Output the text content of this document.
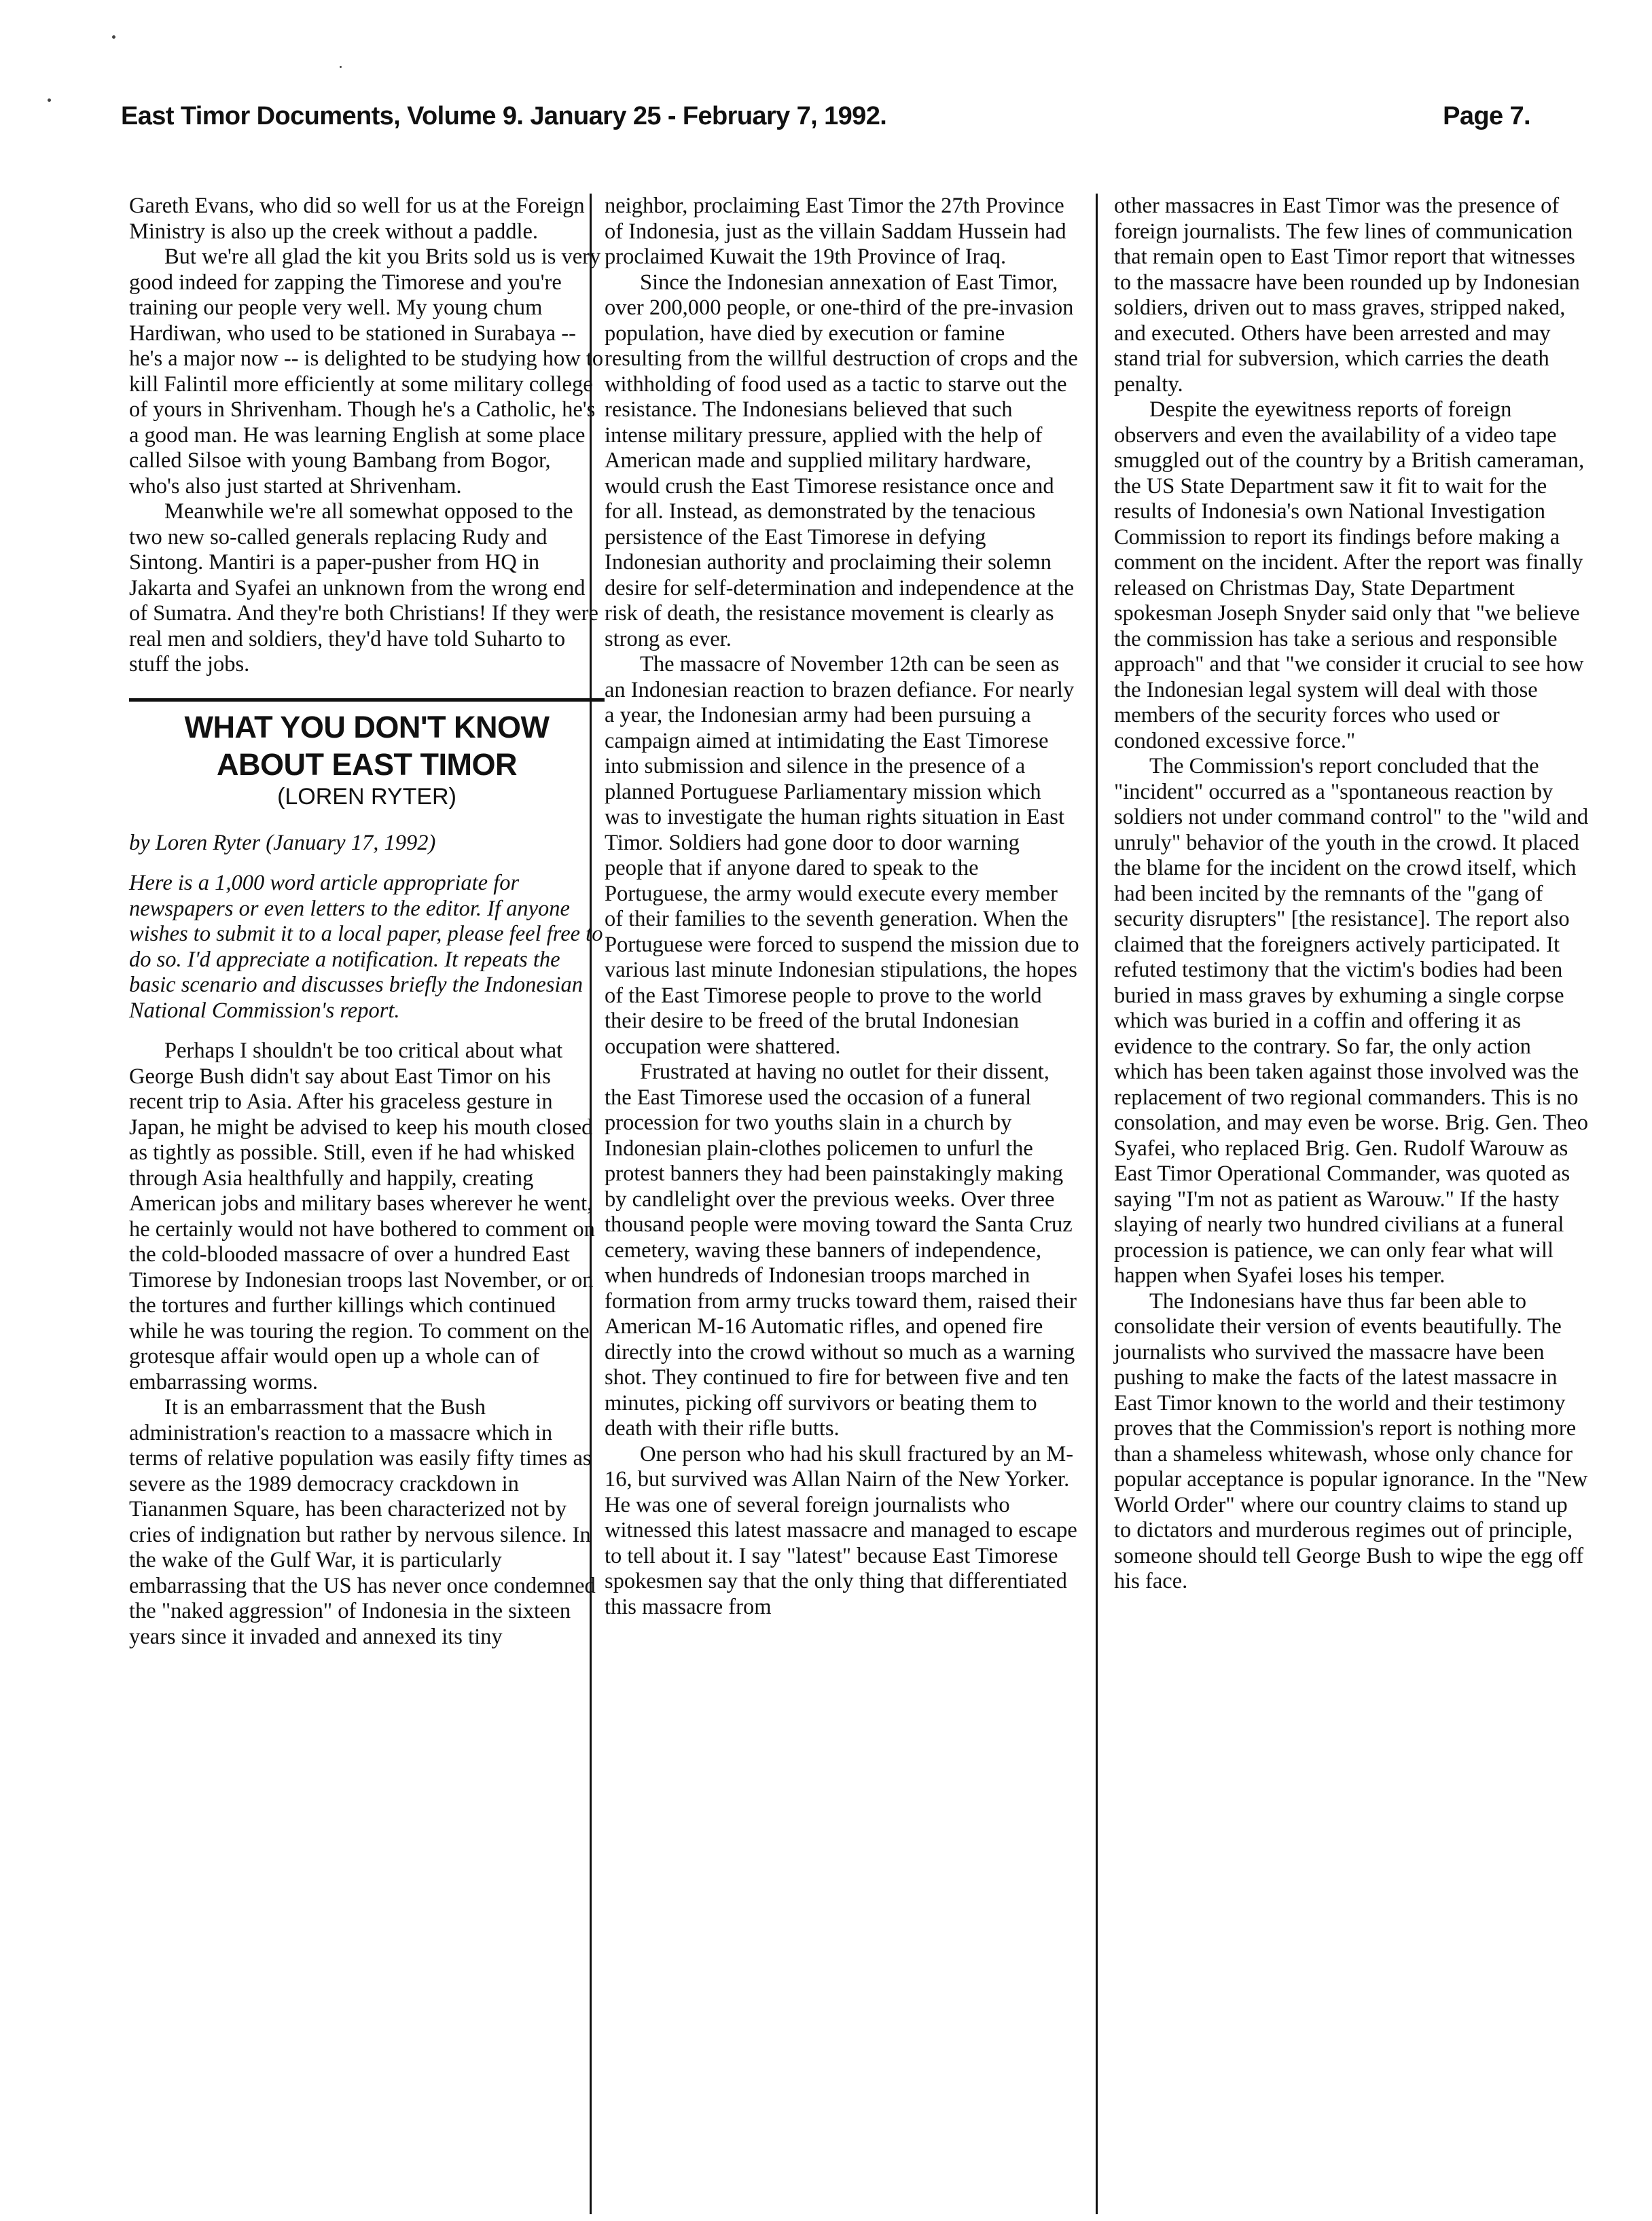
East Timor Documents, Volume 9. January 25 - February 7, 1992.	Page 7.

Gareth Evans, who did so well for us at the Foreign Ministry is also up the creek without a paddle.

But we're all glad the kit you Brits sold us is very good indeed for zapping the Timorese and you're training our people very well. My young chum Hardiwan, who used to be stationed in Surabaya -- he's a major now -- is delighted to be studying how to kill Falintil more efficiently at some military college of yours in Shrivenham. Though he's a Catholic, he's a good man. He was learning English at some place called Silsoe with young Bambang from Bogor, who's also just started at Shrivenham.

Meanwhile we're all somewhat opposed to the two new so-called generals replacing Rudy and Sintong. Mantiri is a paper-pusher from HQ in Jakarta and Syafei an unknown from the wrong end of Sumatra. And they're both Christians! If they were real men and soldiers, they'd have told Suharto to stuff the jobs.

WHAT YOU DON'T KNOW ABOUT EAST TIMOR
(LOREN RYTER)

by Loren Ryter (January 17, 1992)

Here is a 1,000 word article appropriate for newspapers or even letters to the editor. If anyone wishes to submit it to a local paper, please feel free to do so. I'd appreciate a notification. It repeats the basic scenario and discusses briefly the Indonesian National Commission's report.

Perhaps I shouldn't be too critical about what George Bush didn't say about East Timor on his recent trip to Asia. After his graceless gesture in Japan, he might be advised to keep his mouth closed as tightly as possible. Still, even if he had whisked through Asia healthfully and happily, creating American jobs and military bases wherever he went, he certainly would not have bothered to comment on the cold-blooded massacre of over a hundred East Timorese by Indonesian troops last November, or on the tortures and further killings which continued while he was touring the region. To comment on the grotesque affair would open up a whole can of embarrassing worms.

It is an embarrassment that the Bush administration's reaction to a massacre which in terms of relative population was easily fifty times as severe as the 1989 democracy crackdown in Tiananmen Square, has been characterized not by cries of indignation but rather by nervous silence. In the wake of the Gulf War, it is particularly embarrassing that the US has never once condemned the "naked aggression" of Indonesia in the sixteen years since it invaded and annexed its tiny

neighbor, proclaiming East Timor the 27th Province of Indonesia, just as the villain Saddam Hussein had proclaimed Kuwait the 19th Province of Iraq.

Since the Indonesian annexation of East Timor, over 200,000 people, or one-third of the pre-invasion population, have died by execution or famine resulting from the willful destruction of crops and the withholding of food used as a tactic to starve out the resistance. The Indonesians believed that such intense military pressure, applied with the help of American made and supplied military hardware, would crush the East Timorese resistance once and for all. Instead, as demonstrated by the tenacious persistence of the East Timorese in defying Indonesian authority and proclaiming their solemn desire for self-determination and independence at the risk of death, the resistance movement is clearly as strong as ever.

The massacre of November 12th can be seen as an Indonesian reaction to brazen defiance. For nearly a year, the Indonesian army had been pursuing a campaign aimed at intimidating the East Timorese into submission and silence in the presence of a planned Portuguese Parliamentary mission which was to investigate the human rights situation in East Timor. Soldiers had gone door to door warning people that if anyone dared to speak to the Portuguese, the army would execute every member of their families to the seventh generation. When the Portuguese were forced to suspend the mission due to various last minute Indonesian stipulations, the hopes of the East Timorese people to prove to the world their desire to be freed of the brutal Indonesian occupation were shattered.

Frustrated at having no outlet for their dissent, the East Timorese used the occasion of a funeral procession for two youths slain in a church by Indonesian plain-clothes policemen to unfurl the protest banners they had been painstakingly making by candlelight over the previous weeks. Over three thousand people were moving toward the Santa Cruz cemetery, waving these banners of independence, when hundreds of Indonesian troops marched in formation from army trucks toward them, raised their American M-16 Automatic rifles, and opened fire directly into the crowd without so much as a warning shot. They continued to fire for between five and ten minutes, picking off survivors or beating them to death with their rifle butts.

One person who had his skull fractured by an M-16, but survived was Allan Nairn of the New Yorker. He was one of several foreign journalists who witnessed this latest massacre and managed to escape to tell about it. I say "latest" because East Timorese spokesmen say that the only thing that differentiated this massacre from

other massacres in East Timor was the presence of foreign journalists. The few lines of communication that remain open to East Timor report that witnesses to the massacre have been rounded up by Indonesian soldiers, driven out to mass graves, stripped naked, and executed. Others have been arrested and may stand trial for subversion, which carries the death penalty.

Despite the eyewitness reports of foreign observers and even the availability of a video tape smuggled out of the country by a British cameraman, the US State Department saw it fit to wait for the results of Indonesia's own National Investigation Commission to report its findings before making a comment on the incident. After the report was finally released on Christmas Day, State Department spokesman Joseph Snyder said only that "we believe the commission has take a serious and responsible approach" and that "we consider it crucial to see how the Indonesian legal system will deal with those members of the security forces who used or condoned excessive force."

The Commission's report concluded that the "incident" occurred as a "spontaneous reaction by soldiers not under command control" to the "wild and unruly" behavior of the youth in the crowd. It placed the blame for the incident on the crowd itself, which had been incited by the remnants of the "gang of security disrupters" [the resistance]. The report also claimed that the foreigners actively participated. It refuted testimony that the victim's bodies had been buried in mass graves by exhuming a single corpse which was buried in a coffin and offering it as evidence to the contrary. So far, the only action which has been taken against those involved was the replacement of two regional commanders. This is no consolation, and may even be worse. Brig. Gen. Theo Syafei, who replaced Brig. Gen. Rudolf Warouw as East Timor Operational Commander, was quoted as saying "I'm not as patient as Warouw." If the hasty slaying of nearly two hundred civilians at a funeral procession is patience, we can only fear what will happen when Syafei loses his temper.

The Indonesians have thus far been able to consolidate their version of events beautifully. The journalists who survived the massacre have been pushing to make the facts of the latest massacre in East Timor known to the world and their testimony proves that the Commission's report is nothing more than a shameless whitewash, whose only chance for popular acceptance is popular ignorance. In the "New World Order" where our country claims to stand up to dictators and murderous regimes out of principle, someone should tell George Bush to wipe the egg off his face.
